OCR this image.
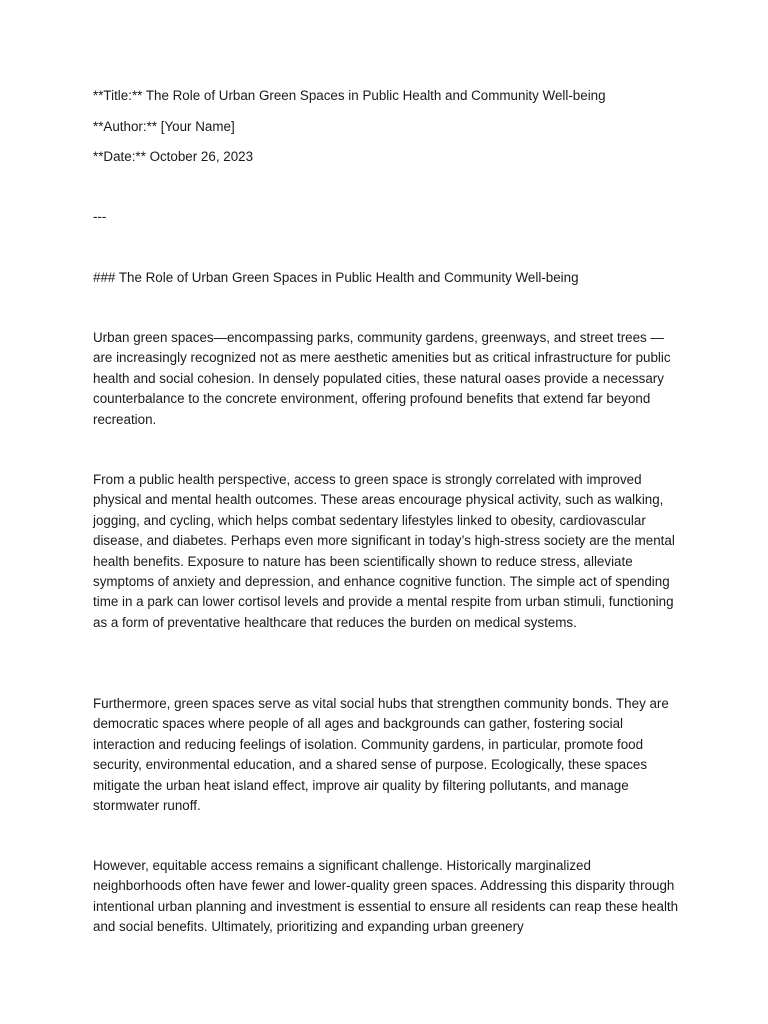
**Title:** The Role of Urban Green Spaces in Public Health and Community Well-being
**Author:** [Your Name]
**Date:** October 26, 2023
---
### The Role of Urban Green Spaces in Public Health and Community Well-being
Urban green spaces—encompassing parks, community gardens, greenways, and street trees —are increasingly recognized not as mere aesthetic amenities but as critical infrastructure for public health and social cohesion. In densely populated cities, these natural oases provide a necessary counterbalance to the concrete environment, offering profound benefits that extend far beyond recreation.
From a public health perspective, access to green space is strongly correlated with improved physical and mental health outcomes. These areas encourage physical activity, such as walking, jogging, and cycling, which helps combat sedentary lifestyles linked to obesity, cardiovascular disease, and diabetes. Perhaps even more significant in today’s high-stress society are the mental health benefits. Exposure to nature has been scientifically shown to reduce stress, alleviate symptoms of anxiety and depression, and enhance cognitive function. The simple act of spending time in a park can lower cortisol levels and provide a mental respite from urban stimuli, functioning as a form of preventative healthcare that reduces the burden on medical systems.
Furthermore, green spaces serve as vital social hubs that strengthen community bonds. They are democratic spaces where people of all ages and backgrounds can gather, fostering social interaction and reducing feelings of isolation. Community gardens, in particular, promote food security, environmental education, and a shared sense of purpose. Ecologically, these spaces mitigate the urban heat island effect, improve air quality by filtering pollutants, and manage stormwater runoff.
However, equitable access remains a significant challenge. Historically marginalized neighborhoods often have fewer and lower-quality green spaces. Addressing this disparity through intentional urban planning and investment is essential to ensure all residents can reap these health and social benefits. Ultimately, prioritizing and expanding urban greenery
